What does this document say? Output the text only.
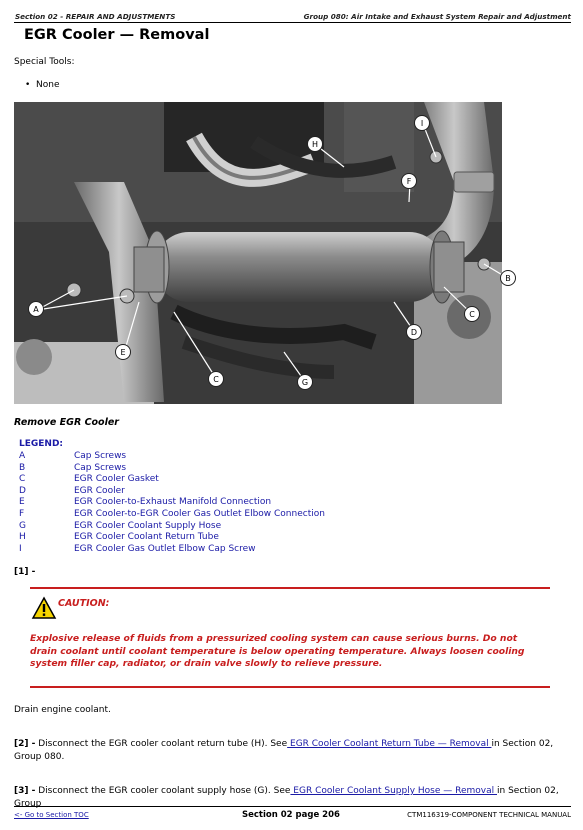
Section 02 - REPAIR AND ADJUSTMENTS	Group 080: Air Intake and Exhaust System Repair and Adjustment
EGR Cooler — Removal
Special Tools:
•  None
A
B
C
C
D
E
F
G
H
I
Remove EGR Cooler
LEGEND:
A	Cap Screws
B	Cap Screws
C	EGR Cooler Gasket
D	EGR Cooler
E	EGR Cooler-to-Exhaust Manifold Connection
F	EGR Cooler-to-EGR Cooler Gas Outlet Elbow Connection
G	EGR Cooler Coolant Supply Hose
H	EGR Cooler Coolant Return Tube
I	EGR Cooler Gas Outlet Elbow Cap Screw
[1] -
CAUTION:
Explosive release of fluids from a pressurized cooling system can cause serious burns. Do not drain coolant until coolant temperature is below operating temperature. Always loosen cooling system filler cap, radiator, or drain valve slowly to relieve pressure.
Drain engine coolant.
[2] - Disconnect the EGR cooler coolant return tube (H). See EGR Cooler Coolant Return Tube — Removal in Section 02, Group 080.
[3] - Disconnect the EGR cooler coolant supply hose (G). See EGR Cooler Coolant Supply Hose — Removal in Section 02, Group
<- Go to Section TOC	Section 02 page 206	CTM116319-COMPONENT TECHNICAL MANUAL
